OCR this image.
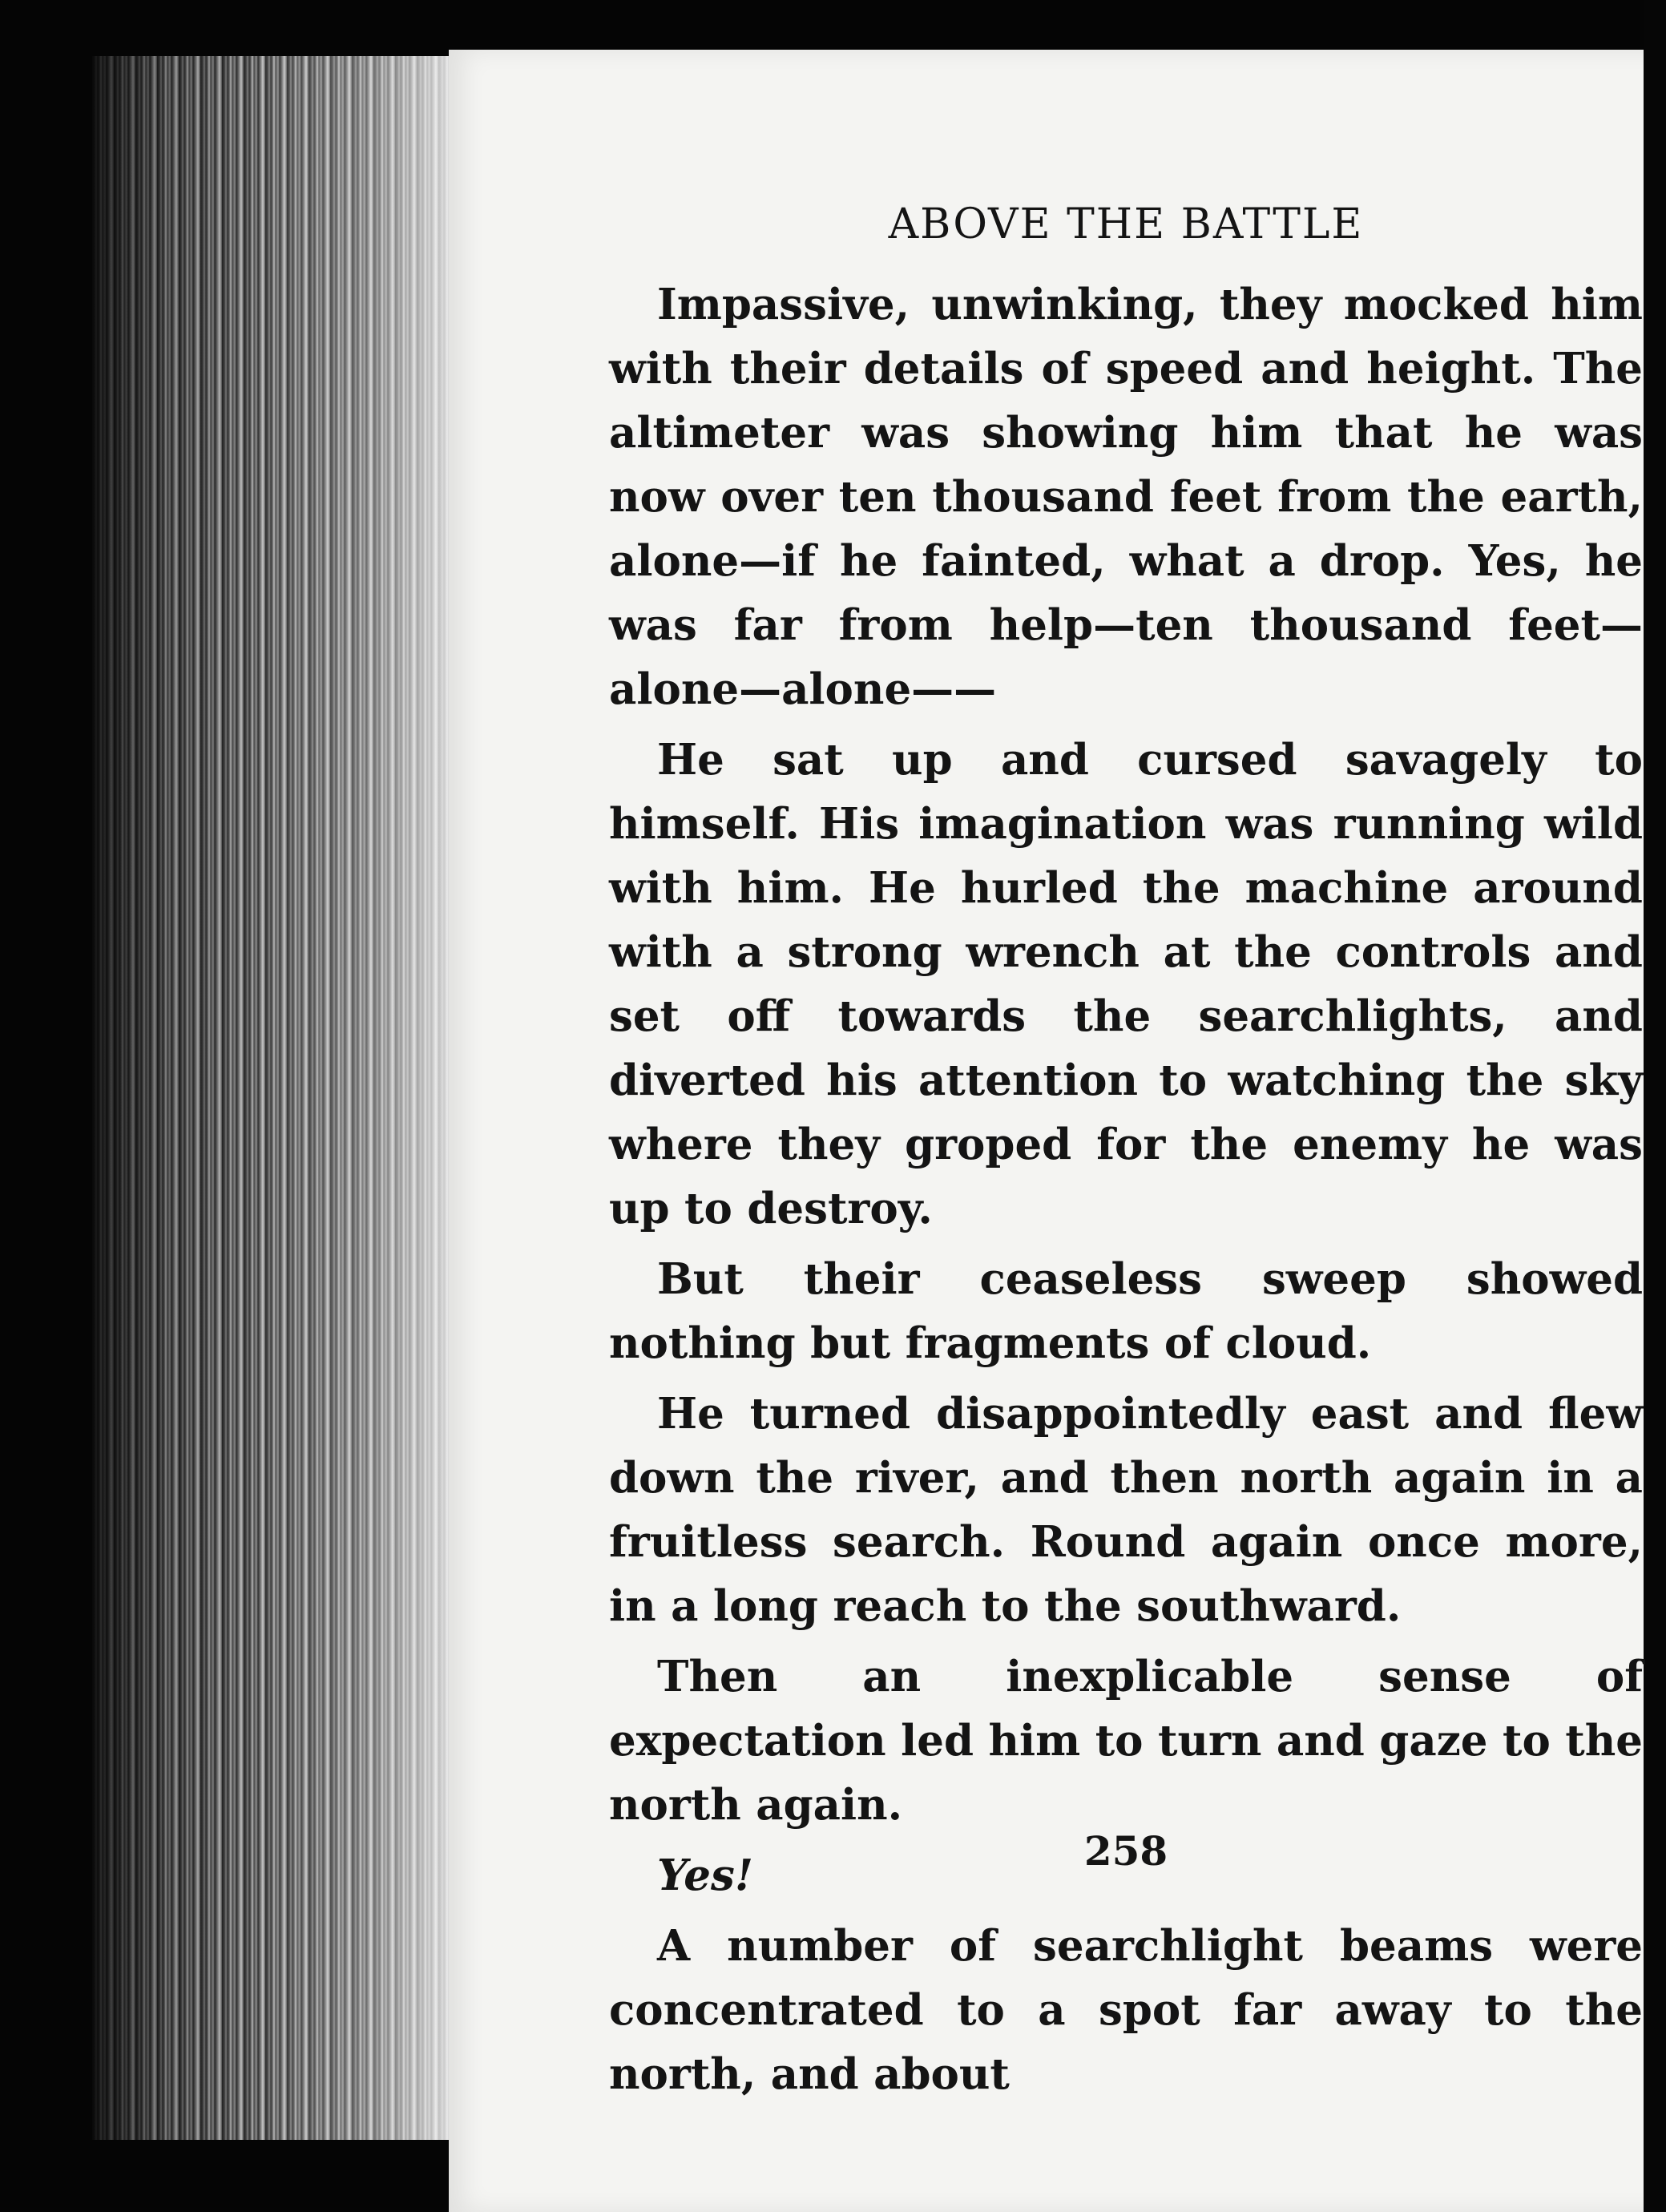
ABOVE THE BATTLE

Impassive, unwinking, they mocked him with their details of speed and height. The altimeter was showing him that he was now over ten thousand feet from the earth, alone—if he fainted, what a drop. Yes, he was far from help—ten thousand feet—alone—alone——

He sat up and cursed savagely to himself. His imagination was running wild with him. He hurled the machine around with a strong wrench at the controls and set off towards the searchlights, and diverted his attention to watching the sky where they groped for the enemy he was up to destroy.

But their ceaseless sweep showed nothing but fragments of cloud.

He turned disappointedly east and flew down the river, and then north again in a fruitless search. Round again once more, in a long reach to the southward.

Then an inexplicable sense of expectation led him to turn and gaze to the north again.

Yes!

A number of searchlight beams were concentrated to a spot far away to the north, and about

258
